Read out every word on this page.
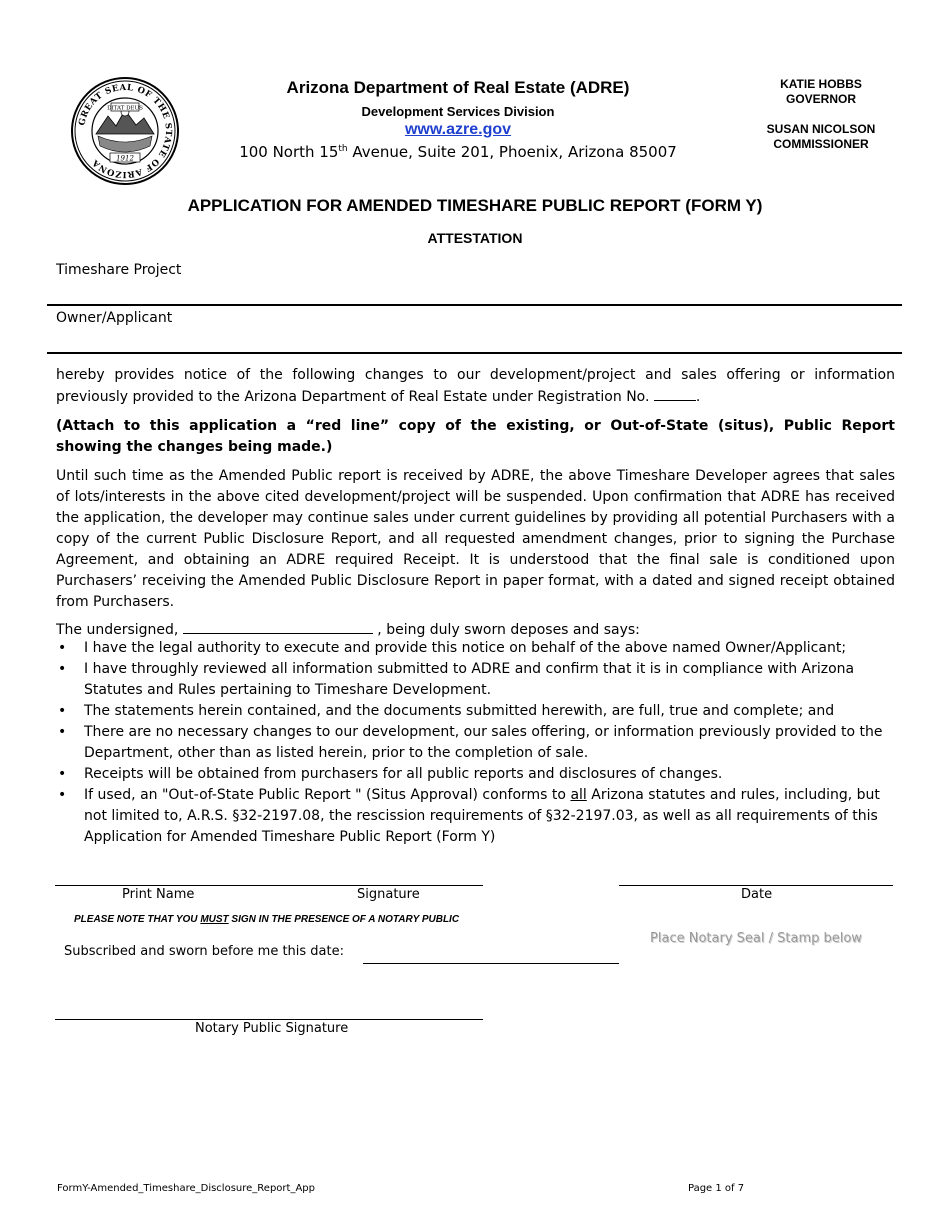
GREAT SEAL OF THE STATE OF ARIZONA
DITAT DEUS
1912
Arizona Department of Real Estate (ADRE)
Development Services Division
www.azre.gov
100 North 15th Avenue, Suite 201, Phoenix, Arizona 85007
KATIE HOBBS
GOVERNOR
SUSAN NICOLSON
COMMISSIONER
APPLICATION FOR AMENDED TIMESHARE PUBLIC REPORT (FORM Y)
ATTESTATION
Timeshare Project
Owner/Applicant
hereby provides notice of the following changes to our development/project and sales offering or information previously provided to the Arizona Department of Real Estate under Registration No.	.
(Attach to this application a “red line” copy of the existing, or Out-of-State (situs), Public Report showing the changes being made.)
Until such time as the Amended Public report is received by ADRE, the above Timeshare Developer agrees that sales of lots/interests in the above cited development/project will be suspended. Upon confirmation that ADRE has received the application, the developer may continue sales under current guidelines by providing all potential Purchasers with a copy of the current Public Disclosure Report, and all requested amendment changes, prior to signing the Purchase Agreement, and obtaining an ADRE required Receipt. It is understood that the final sale is conditioned upon Purchasers’ receiving the Amended Public Disclosure Report in paper format, with a dated and signed receipt obtained from Purchasers.
The undersigned,	, being duly sworn deposes and says:
• I have the legal authority to execute and provide this notice on behalf of the above named Owner/Applicant;
• I have throughly reviewed all information submitted to ADRE and confirm that it is in compliance with Arizona Statutes and Rules pertaining to Timeshare Development.
• The statements herein contained, and the documents submitted herewith, are full, true and complete; and
• There are no necessary changes to our development, our sales offering, or information previously provided to the Department, other than as listed herein, prior to the completion of sale.
• Receipts will be obtained from purchasers for all public reports and disclosures of changes.
• If used, an "Out-of-State Public Report " (Situs Approval) conforms to all Arizona statutes and rules, including, but not limited to, A.R.S. §32-2197.08, the rescission requirements of §32-2197.03, as well as all requirements of this Application for Amended Timeshare Public Report (Form Y)
Print Name	Signature	Date
PLEASE NOTE THAT YOU MUST SIGN IN THE PRESENCE OF A NOTARY PUBLIC
Place Notary Seal / Stamp below
Subscribed and sworn before me this date:
Notary Public Signature
FormY-Amended_Timeshare_Disclosure_Report_App	Page 1 of 7
